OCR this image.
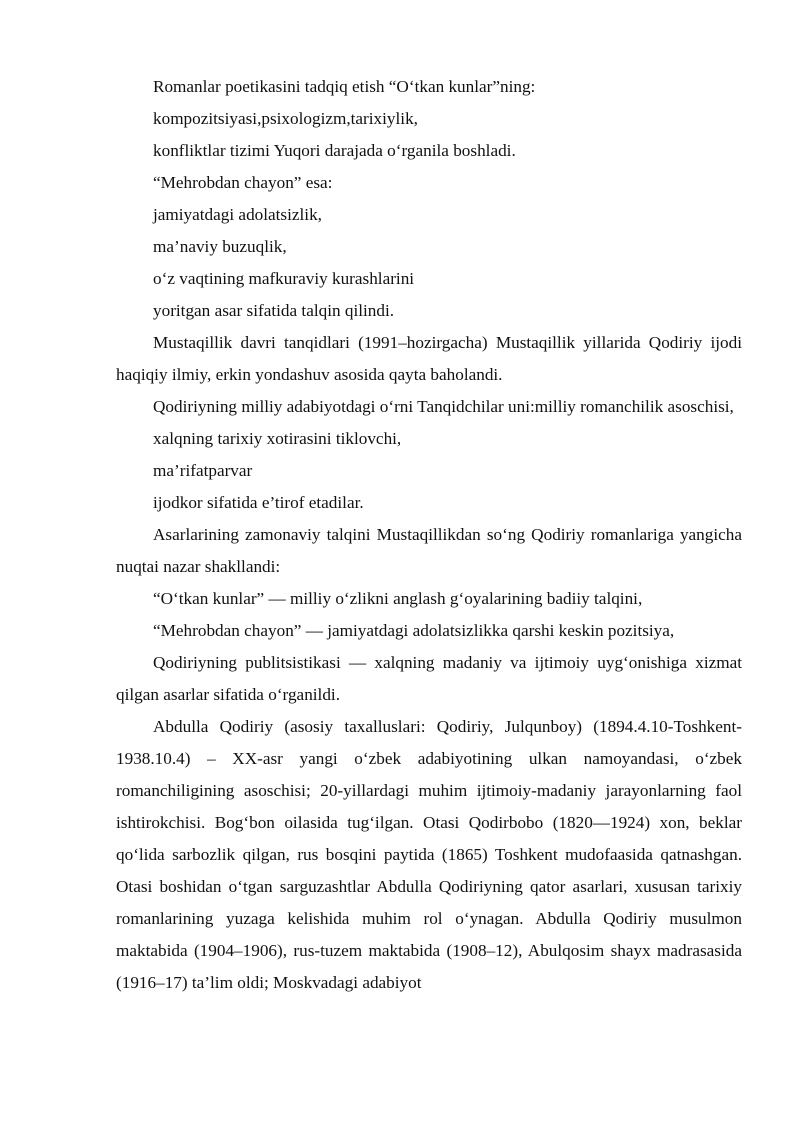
Romanlar poetikasini tadqiq etish “O‘tkan kunlar”ning:
kompozitsiyasi,psixologizm,tarixiylik,
konfliktlar tizimi Yuqori darajada o‘rganila boshladi.
“Mehrobdan chayon” esa:
jamiyatdagi adolatsizlik,
ma’naviy buzuqlik,
o‘z vaqtining mafkuraviy kurashlarini
yoritgan asar sifatida talqin qilindi.
Mustaqillik davri tanqidlari (1991–hozirgacha) Mustaqillik yillarida Qodiriy ijodi haqiqiy ilmiy, erkin yondashuv asosida qayta baholandi.
Qodiriyning milliy adabiyotdagi o‘rni Tanqidchilar uni:milliy romanchilik asoschisi,
xalqning tarixiy xotirasini tiklovchi,
ma’rifatparvar
ijodkor sifatida e’tirof etadilar.
Asarlarining zamonaviy talqini Mustaqillikdan so‘ng Qodiriy romanlariga yangicha nuqtai nazar shakllandi:
“O‘tkan kunlar” — milliy o‘zlikni anglash g‘oyalarining badiiy talqini,
“Mehrobdan chayon” — jamiyatdagi adolatsizlikka qarshi keskin pozitsiya,
Qodiriyning publitsistikasi — xalqning madaniy va ijtimoiy uyg‘onishiga xizmat qilgan asarlar sifatida o‘rganildi.
Abdulla Qodiriy (asosiy taxalluslari: Qodiriy, Julqunboy) (1894.4.10-Toshkent-1938.10.4) – XX-asr yangi o‘zbek adabiyotining ulkan namoyandasi, o‘zbek romanchiligining asoschisi; 20-yillardagi muhim ijtimoiy-madaniy jarayonlarning faol ishtirokchisi. Bog‘bon oilasida tug‘ilgan. Otasi Qodirbobo (1820—1924) xon, beklar qo‘lida sarbozlik qilgan, rus bosqini paytida (1865) Toshkent mudofaasida qatnashgan. Otasi boshidan o‘tgan sarguzashtlar Abdulla Qodiriyning qator asarlari, xususan tarixiy romanlarining yuzaga kelishida muhim rol o‘ynagan. Abdulla Qodiriy musulmon maktabida (1904–1906), rus-tuzem maktabida (1908–12), Abulqosim shayx madrasasida (1916–17) ta’lim oldi; Moskvadagi adabiyot
